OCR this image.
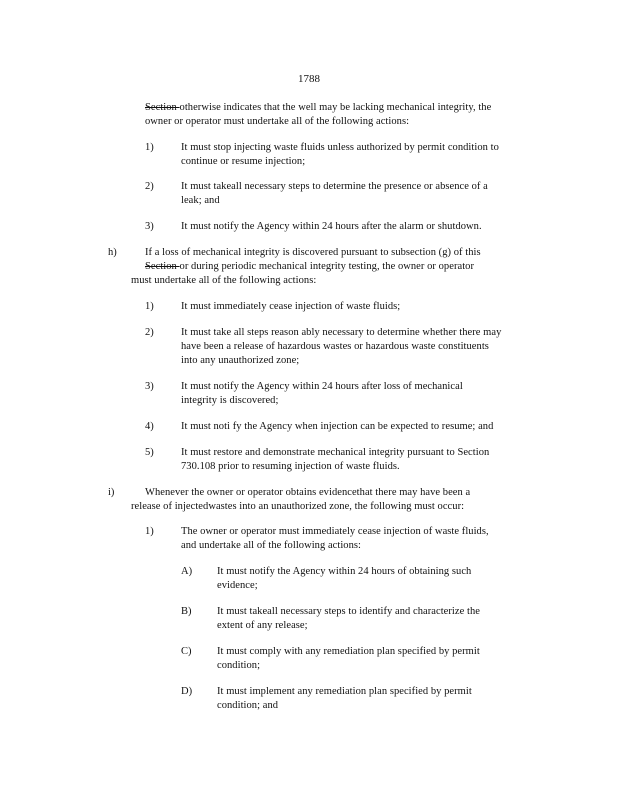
1788
Section otherwise indicates that the well may be lacking mechanical integrity, the
owner or operator must undertake all of the following actions:
1)	It must stop injecting waste fluids unless authorized by permit condition to
continue or resume injection;
2)	It must takeall necessary steps to determine the presence or absence of a
leak; and
3)	It must notify the Agency within 24 hours after the alarm or shutdown.
h)	If a loss of mechanical integrity is discovered pursuant to subsection (g) of this
Section or during periodic mechanical integrity testing, the owner or operator
must undertake all of the following actions:
1)	It must immediately cease injection of waste fluids;
2)	It must take all steps reason ably necessary to determine whether there may
have been a release of hazardous wastes or hazardous waste constituents
into any unauthorized zone;
3)	It must notify the Agency within 24 hours after loss of mechanical
integrity is discovered;
4)	It must noti fy the Agency when injection can be expected to resume; and
5)	It must restore and demonstrate mechanical integrity pursuant to Section
730.108 prior to resuming injection of waste fluids.
i)	Whenever the owner or operator obtains evidencethat there may have been a
release of injectedwastes into an unauthorized zone, the following must occur:
1)	The owner or operator must immediately cease injection of waste fluids,
and undertake all of the following actions:
A) It must notify the Agency within 24 hours of obtaining such
evidence;
B) It must takeall necessary steps to identify and characterize the
extent of any release;
C) It must comply with any remediation plan specified by permit
condition;
D) It must implement any remediation plan specified by permit
condition; and
